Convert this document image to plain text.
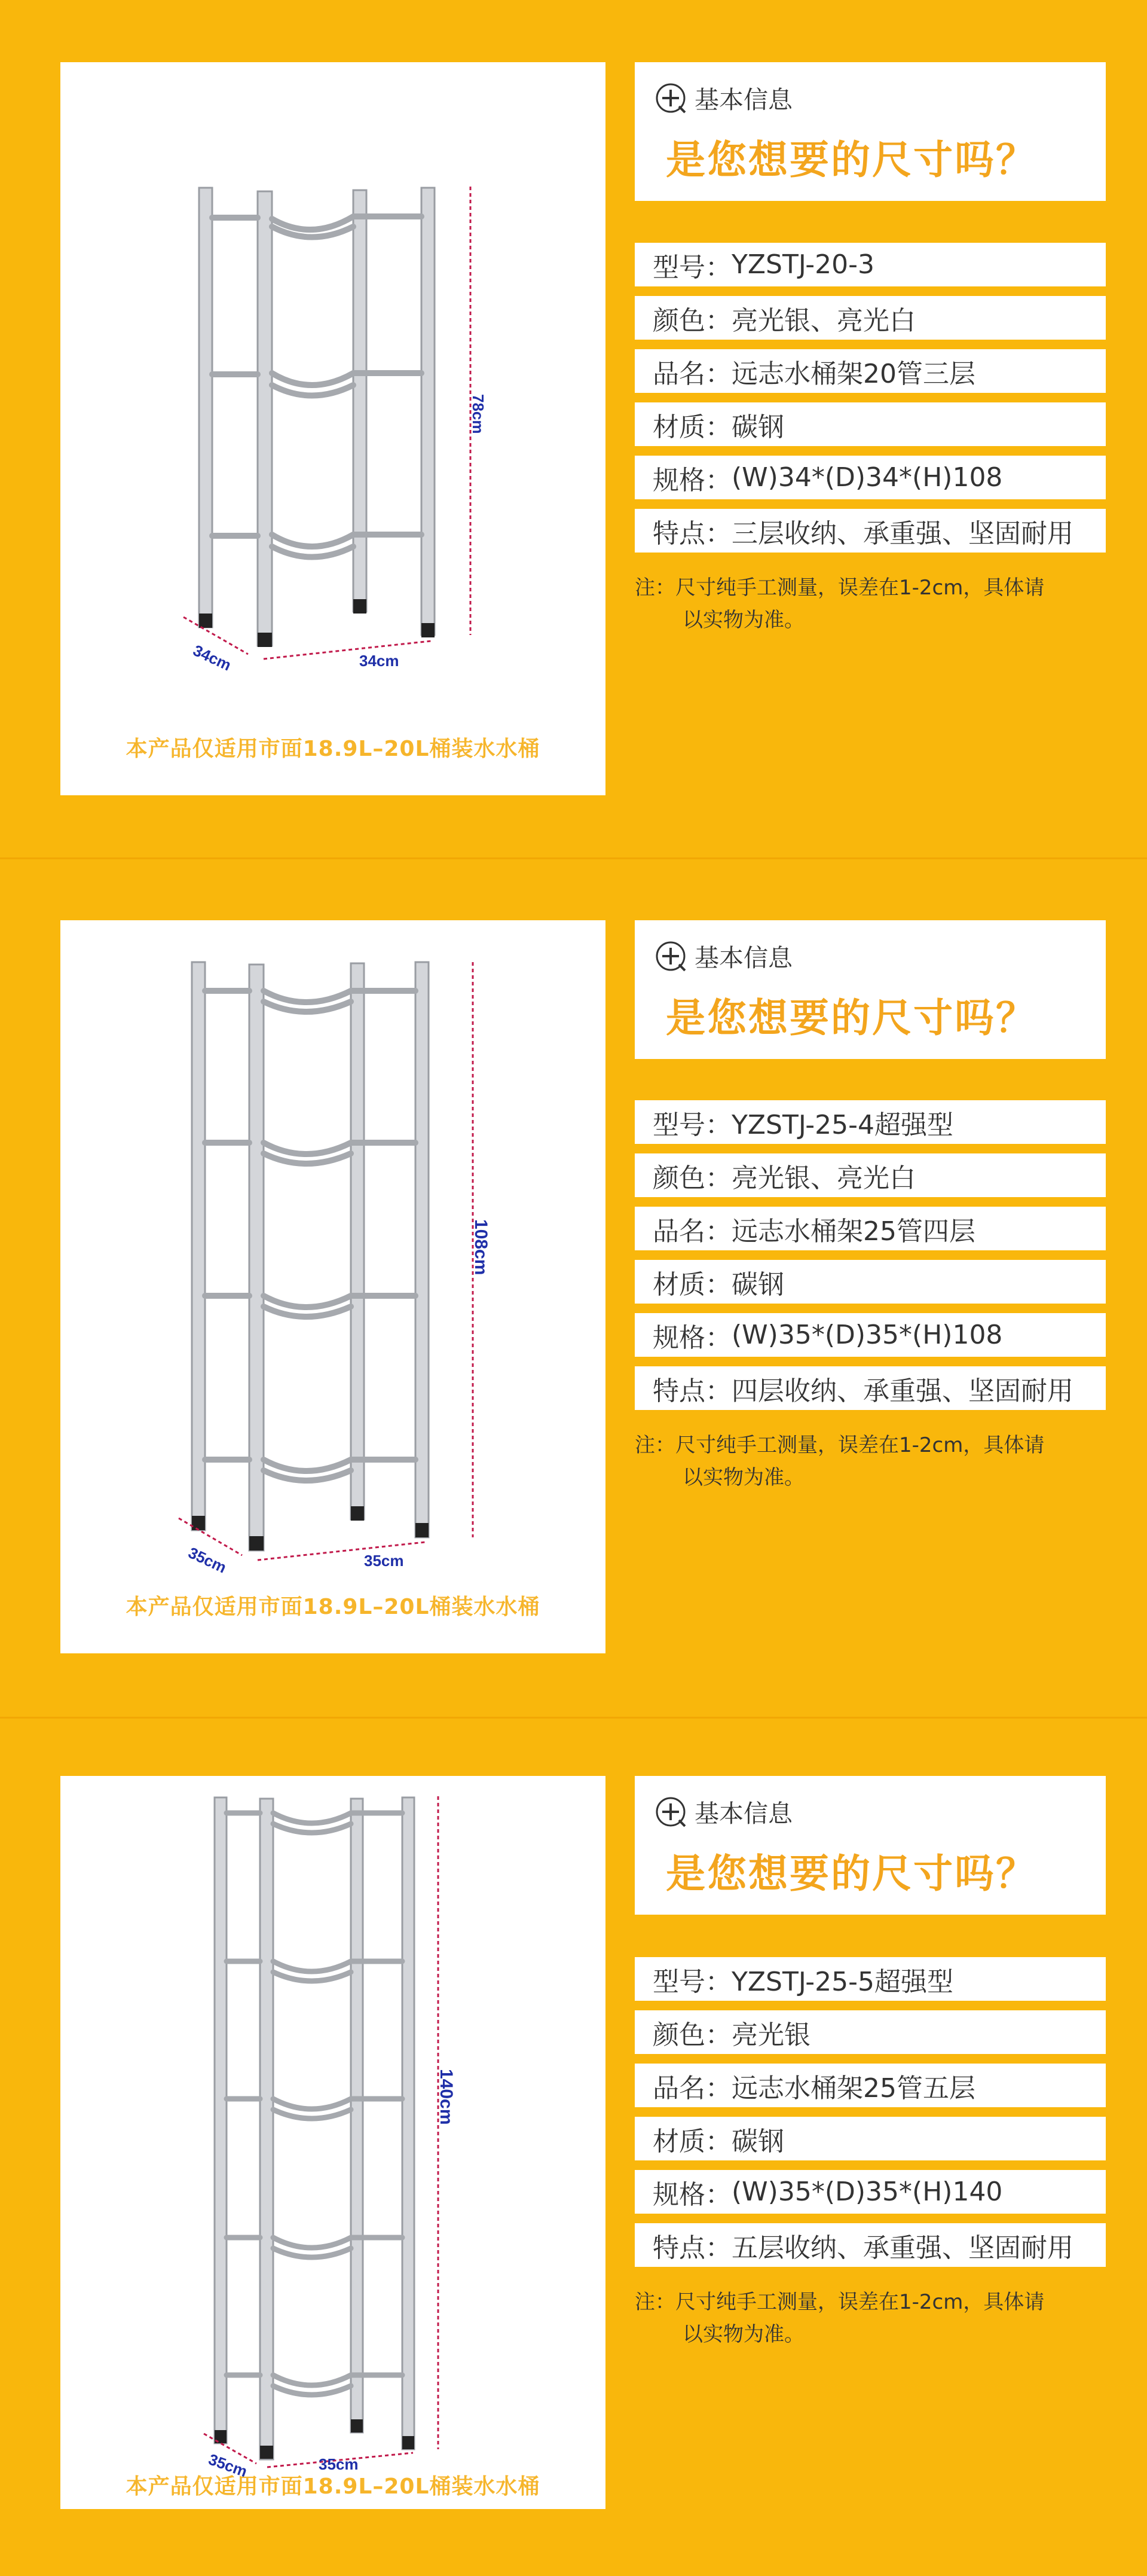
78cm
34cm	34cm
本产品仅适用市面18.9L–20L桶装水水桶
基本信息
是您想要的尺寸吗？
型号： YZSTJ-20-3
颜色： 亮光银、亮光白
品名： 远志水桶架20管三层
材质： 碳钢
规格： (W)34*(D)34*(H)108
特点： 三层收纳、承重强、坚固耐用
注：尺寸纯手工测量，误差在1-2cm，具体请
以实物为准。
108cm
35cm	35cm
本产品仅适用市面18.9L–20L桶装水水桶
基本信息
是您想要的尺寸吗？
型号： YZSTJ-25-4超强型
颜色： 亮光银、亮光白
品名： 远志水桶架25管四层
材质： 碳钢
规格： (W)35*(D)35*(H)108
特点： 四层收纳、承重强、坚固耐用
注：尺寸纯手工测量，误差在1-2cm，具体请
以实物为准。
140cm
35cm	35cm
本产品仅适用市面18.9L–20L桶装水水桶
基本信息
是您想要的尺寸吗？
型号： YZSTJ-25-5超强型
颜色： 亮光银
品名： 远志水桶架25管五层
材质： 碳钢
规格： (W)35*(D)35*(H)140
特点： 五层收纳、承重强、坚固耐用
注：尺寸纯手工测量，误差在1-2cm，具体请
以实物为准。
